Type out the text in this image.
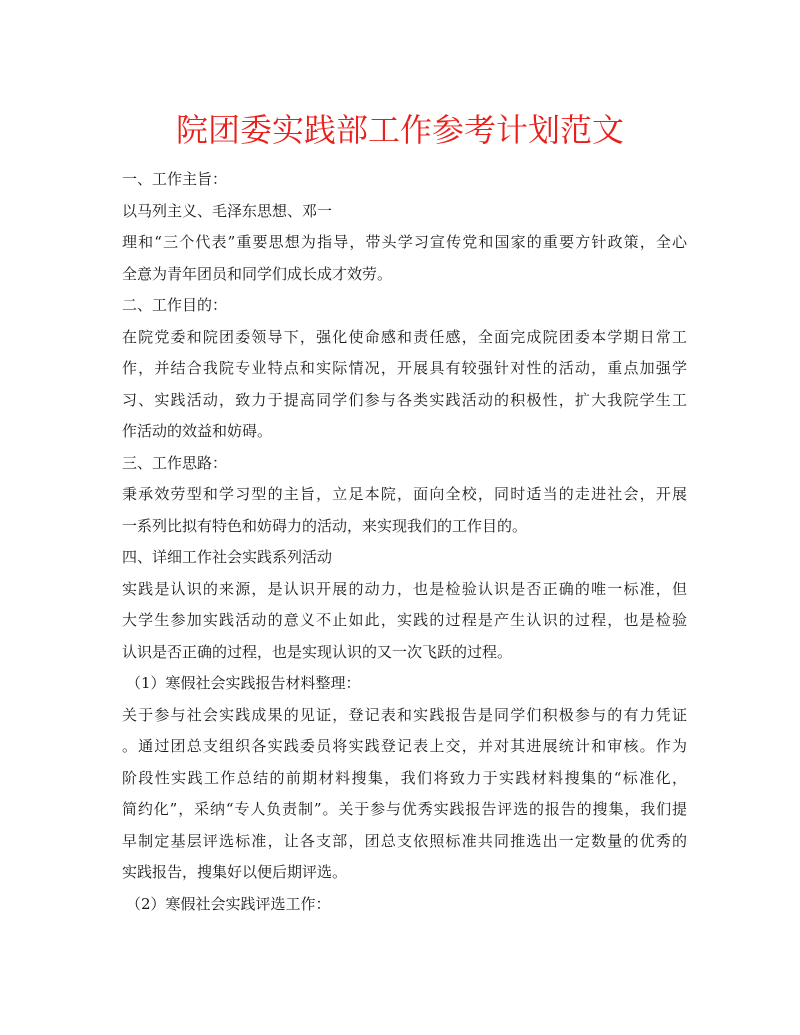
院团委实践部工作参考计划范文
一、工作主旨：
以马列主义、毛泽东思想、邓一
理和“三个代表”重要思想为指导，带头学习宣传党和国家的重要方针政策，全心
全意为青年团员和同学们成长成才效劳。
二、工作目的：
在院党委和院团委领导下，强化使命感和责任感，全面完成院团委本学期日常工
作，并结合我院专业特点和实际情况，开展具有较强针对性的活动，重点加强学
习、实践活动，致力于提高同学们参与各类实践活动的积极性，扩大我院学生工
作活动的效益和妨碍。
三、工作思路：
秉承效劳型和学习型的主旨，立足本院，面向全校，同时适当的走进社会，开展
一系列比拟有特色和妨碍力的活动，来实现我们的工作目的。
四、详细工作社会实践系列活动
实践是认识的来源，是认识开展的动力，也是检验认识是否正确的唯一标准，但
大学生参加实践活动的意义不止如此，实践的过程是产生认识的过程，也是检验
认识是否正确的过程，也是实现认识的又一次飞跃的过程。
（1）寒假社会实践报告材料整理：
关于参与社会实践成果的见证，登记表和实践报告是同学们积极参与的有力凭证
。通过团总支组织各实践委员将实践登记表上交，并对其进展统计和审核。作为
阶段性实践工作总结的前期材料搜集，我们将致力于实践材料搜集的“标准化，
简约化”，采纳“专人负责制”。关于参与优秀实践报告评选的报告的搜集，我们提
早制定基层评选标准，让各支部，团总支依照标准共同推选出一定数量的优秀的
实践报告，搜集好以便后期评选。
（2）寒假社会实践评选工作：
